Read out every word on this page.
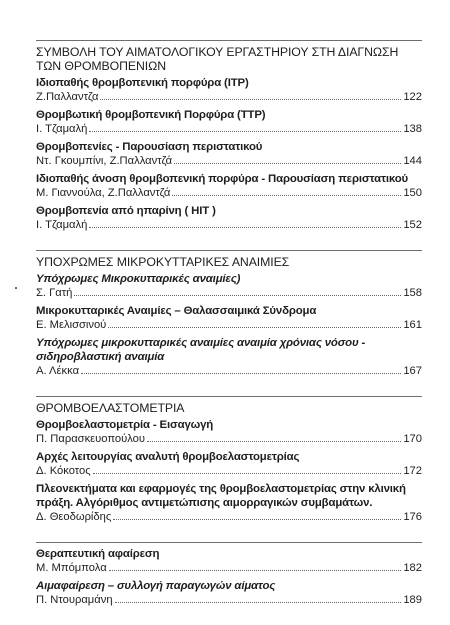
ΣΥΜΒΟΛΗ ΤΟΥ ΑΙΜΑΤΟΛΟΓΙΚΟΥ ΕΡΓΑΣΤΗΡΙΟΥ ΣΤΗ ΔΙΑΓΝΩΣΗ ΤΩΝ ΘΡΟΜΒΟΠΕΝΙΩΝ
Ιδιοπαθής θρομβοπενική πορφύρα (ITP)
Ζ.Παλλαντζα	122
Θρομβωτική θρομβοπενική Πορφύρα (TTP)
Ι. Τζαμαλή	138
Θρομβοπενίες - Παρουσίαση περιστατικού
Ντ. Γκουμπίνι, Ζ.Παλλαντζά	144
Ιδιοπαθής άνοση θρομβοπενική πορφύρα - Παρουσίαση περιστατικού
Μ. Γιαννούλα, Ζ.Παλλαντζά	150
Θρομβοπενία από ηπαρίνη ( HIT )
Ι. Τζαμαλή	152
ΥΠΟΧΡΩΜΕΣ ΜΙΚΡΟΚΥΤΤΑΡΙΚΕΣ ΑΝΑΙΜΙΕΣ
Υπόχρωμες Μικροκυτταρικές αναιμίες)
Σ. Γατή	158
Μικροκυτταρικές Αναιμίες – Θαλασσαιμικά Σύνδρομα
Ε. Μελισσινού	161
Υπόχρωμες μικροκυτταρικές αναιμίες αναιμία χρόνιας νόσου - σιδηροβλαστική αναιμία
Α. Λέκκα	167
ΘΡΟΜΒΟΕΛΑΣΤΟΜΕΤΡΙΑ
Θρομβοελαστομετρία - Εισαγωγή
Π. Παρασκευοπούλου	170
Αρχές λειτουργίας αναλυτή θρομβοελαστομετρίας
Δ. Κόκοτος	172
Πλεονεκτήματα και εφαρμογές της θρομβοελαστομετρίας στην κλινική πράξη. Αλγόριθμος αντιμετώπισης αιμορραγικών συμβαμάτων.
Δ. Θεοδωρίδης	176
Θεραπευτική αφαίρεση
Μ. Μπόμπολα	182
Αιμαφαίρεση – συλλογή παραγωγών αίματος
Π. Ντουραμάνη	189
